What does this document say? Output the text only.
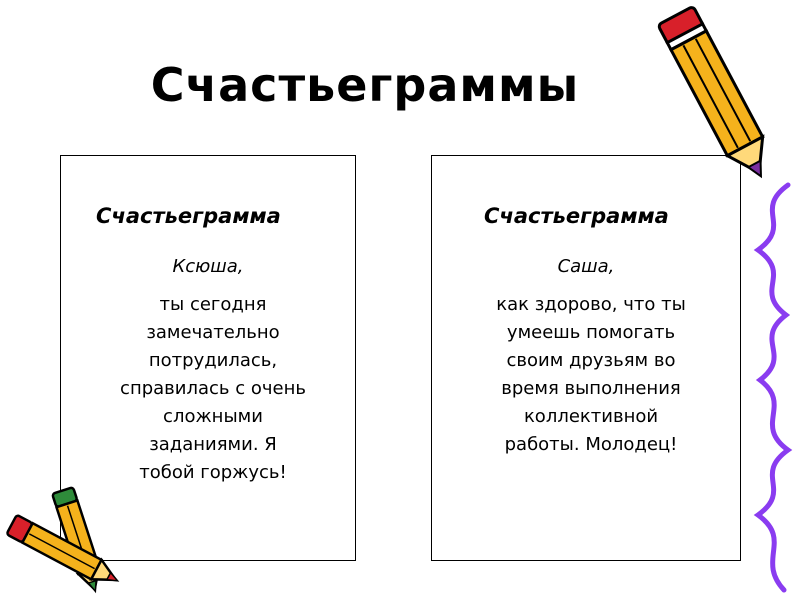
Счастьеграммы
Счастьеграмма
Ксюша,
ты сегодня
замечательно
потрудилась,
справилась с очень
сложными
заданиями. Я
тобой горжусь!
Счастьеграмма
Саша,
как здорово, что ты
умеешь помогать
своим друзьям во
время выполнения
коллективной
работы. Молодец!
